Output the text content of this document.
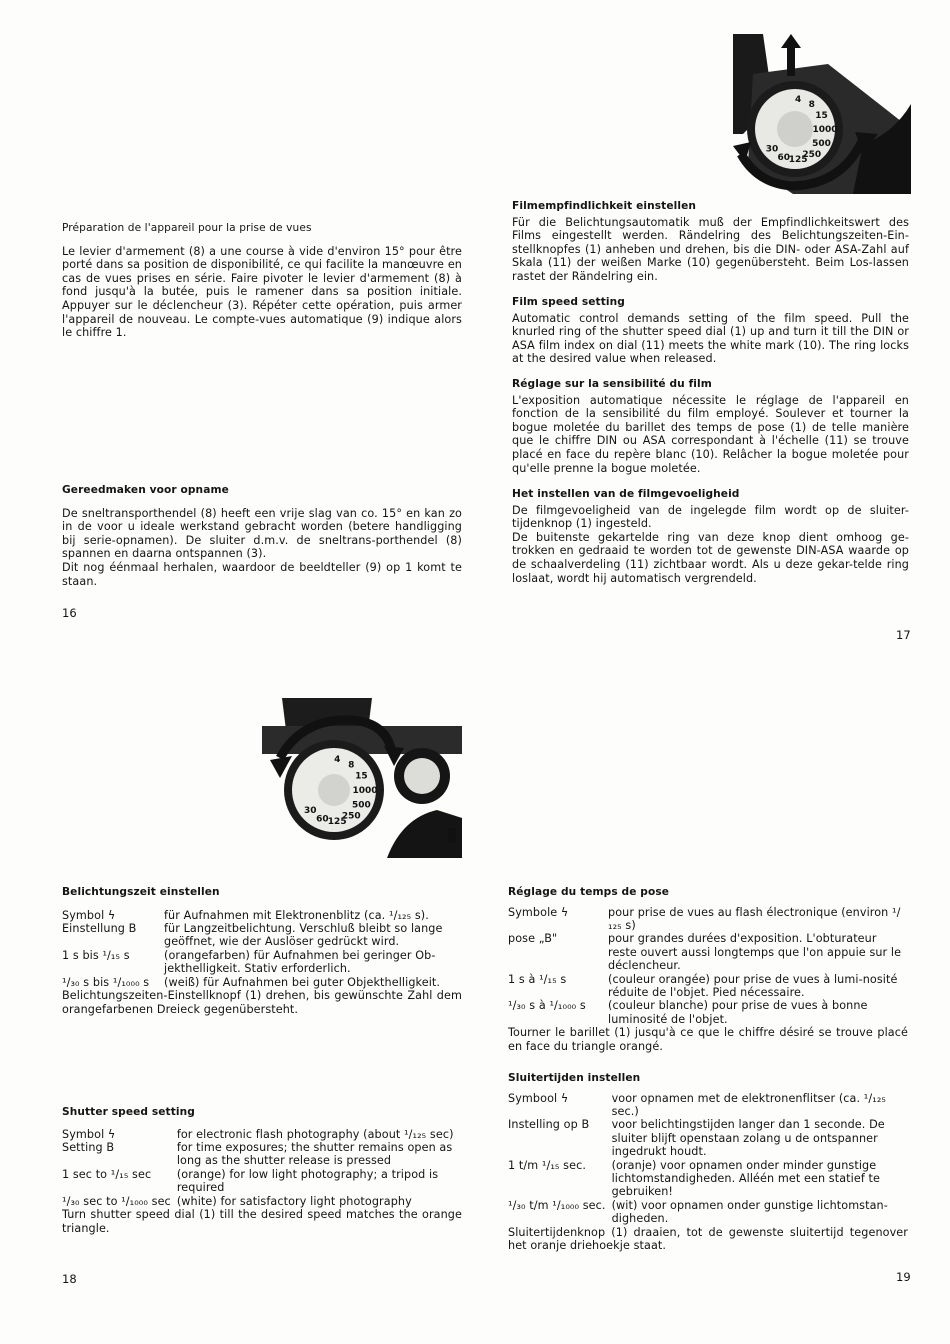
Préparation de l'appareil pour la prise de vues

Le levier d'armement (8) a une course à vide d'environ 15° pour être porté dans sa position de disponibilité, ce qui facilite la manœuvre en cas de vues prises en série. Faire pivoter le levier d'armement (8) à fond jusqu'à la butée, puis le ramener dans sa position initiale. Appuyer sur le déclencheur (3). Répéter cette opération, puis armer l'appareil de nouveau. Le compte-vues automatique (9) indique alors le chiffre 1.

Gereedmaken voor opname

De sneltransporthendel (8) heeft een vrije slag van co. 15° en kan zo in de voor u ideale werkstand gebracht worden (betere handligging bij serie-opnamen). De sluiter d.m.v. de sneltrans-porthendel (8) spannen en daarna ontspannen (3).

Dit nog éénmaal herhalen, waardoor de beeldteller (9) op 1 komt te staan.

16
30
60
125
250
500
1000
15
8
4

Filmempfindlichkeit einstellen

Für die Belichtungsautomatik muß der Empfindlichkeitswert des Films eingestellt werden. Rändelring des Belichtungszeiten-Ein-stellknopfes (1) anheben und drehen, bis die DIN- oder ASA-Zahl auf Skala (11) der weißen Marke (10) gegenübersteht. Beim Los-lassen rastet der Rändelring ein.

Film speed setting

Automatic control demands setting of the film speed. Pull the knurled ring of the shutter speed dial (1) up and turn it till the DIN or ASA film index on dial (11) meets the white mark (10). The ring locks at the desired value when released.

Réglage sur la sensibilité du film

L'exposition automatique nécessite le réglage de l'appareil en fonction de la sensibilité du film employé. Soulever et tourner la bogue moletée du barillet des temps de pose (1) de telle manière que le chiffre DIN ou ASA correspondant à l'échelle (11) se trouve placé en face du repère blanc (10). Relâcher la bogue moletée pour qu'elle prenne la bogue moletée.

Het instellen van de filmgevoeligheid

De filmgevoeligheid van de ingelegde film wordt op de sluiter-tijdenknop (1) ingesteld.

De buitenste gekartelde ring van deze knop dient omhoog ge-trokken en gedraaid te worden tot de gewenste DIN-ASA waarde op de schaalverdeling (11) zichtbaar wordt. Als u deze gekar-telde ring loslaat, wordt hij automatisch vergrendeld.

17
30
60 125
250
500
1000
15
8
4

Belichtungszeit einstellen

Symbol ϟ	für Aufnahmen mit Elektronenblitz (ca. ¹/₁₂₅ s).
Einstellung B	für Langzeitbelichtung. Verschluß bleibt so lange geöffnet, wie der Auslöser gedrückt wird.
1 s bis ¹/₁₅ s	(orangefarben) für Aufnahmen bei geringer Ob-jekthelligkeit. Stativ erforderlich.
¹/₃₀ s bis ¹/₁₀₀₀ s	(weiß) für Aufnahmen bei guter Objekthelligkeit.

Belichtungszeiten-Einstellknopf (1) drehen, bis gewünschte Zahl dem orangefarbenen Dreieck gegenübersteht.

Shutter speed setting

Symbol ϟ	for electronic flash photography (about ¹/₁₂₅ sec)
Setting B	for time exposures; the shutter remains open as long as the shutter release is pressed
1 sec to ¹/₁₅ sec	(orange) for low light photography; a tripod is required
¹/₃₀ sec to ¹/₁₀₀₀ sec	(white) for satisfactory light photography

Turn shutter speed dial (1) till the desired speed matches the orange triangle.

18

Réglage du temps de pose

Symbole ϟ	pour prise de vues au flash électronique (environ ¹/₁₂₅ s)
pose „B"	pour grandes durées d'exposition. L'obturateur reste ouvert aussi longtemps que l'on appuie sur le déclencheur.
1 s à ¹/₁₅ s	(couleur orangée) pour prise de vues à lumi-nosité réduite de l'objet. Pied nécessaire.
¹/₃₀ s à ¹/₁₀₀₀ s	(couleur blanche) pour prise de vues à bonne luminosité de l'objet.

Tourner le barillet (1) jusqu'à ce que le chiffre désiré se trouve placé en face du triangle orangé.

Sluitertijden instellen

Symbool ϟ	voor opnamen met de elektronenflitser (ca. ¹/₁₂₅ sec.)
Instelling op B	voor belichtingstijden langer dan 1 seconde. De sluiter blijft openstaan zolang u de ontspanner ingedrukt houdt.
1 t/m ¹/₁₅ sec.	(oranje) voor opnamen onder minder gunstige lichtomstandigheden. Alléén met een statief te gebruiken!
¹/₃₀ t/m ¹/₁₀₀₀ sec.	(wit) voor opnamen onder gunstige lichtomstan-digheden.

Sluitertijdenknop (1) draaien, tot de gewenste sluitertijd tegenover het oranje driehoekje staat.

19
